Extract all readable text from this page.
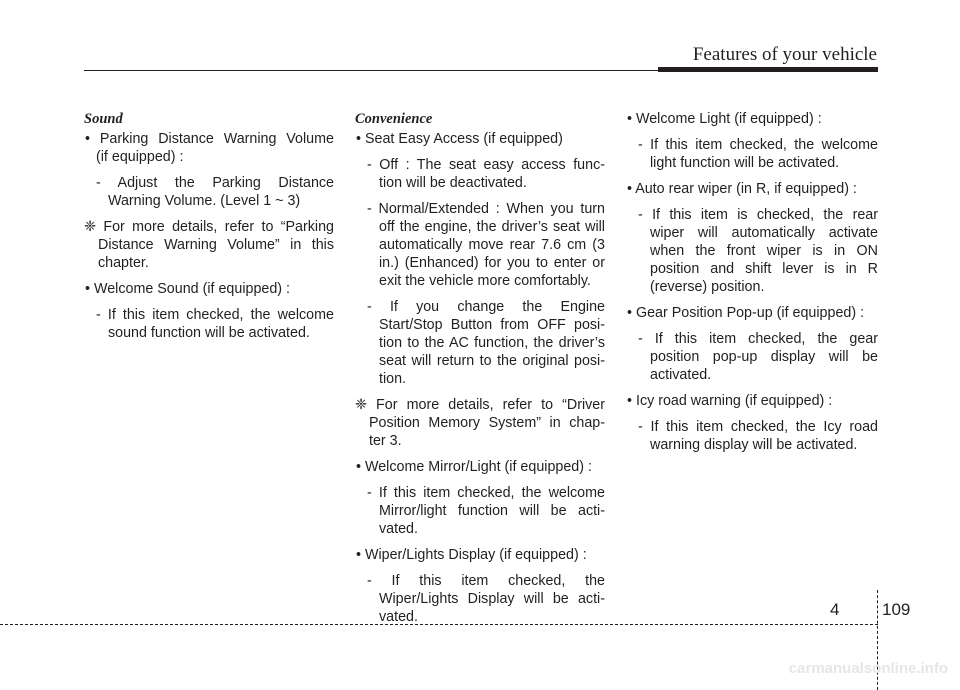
Features of your vehicle
Sound
• Parking Distance Warning Volume
(if equipped) :
- Adjust the Parking Distance
Warning Volume. (Level 1 ~ 3)
❈ For more details, refer to “Parking
Distance Warning Volume” in this
chapter.
• Welcome Sound (if equipped) :
- If this item checked, the welcome
sound function will be activated.
Convenience
• Seat Easy Access (if equipped)
- Off : The seat easy access func-
tion will be deactivated.
- Normal/Extended : When you turn
off the engine, the driver’s seat will
automatically move rear 7.6 cm (3
in.) (Enhanced) for you to enter or
exit the vehicle more comfortably.
- If you change the Engine
Start/Stop Button from OFF posi-
tion to the AC function, the driver’s
seat will return to the original posi-
tion.
❈ For more details, refer to “Driver
Position Memory System” in chap-
ter 3.
• Welcome Mirror/Light (if equipped) :
- If this item checked, the welcome
Mirror/light function will be acti-
vated.
• Wiper/Lights Display (if equipped) :
- If this item checked, the
Wiper/Lights Display will be acti-
vated.
• Welcome Light (if equipped) :
- If this item checked, the welcome
light function will be activated.
• Auto rear wiper (in R, if equipped) :
- If this item is checked, the rear
wiper will automatically activate
when the front wiper is in ON
position and shift lever is in R
(reverse) position.
• Gear Position Pop-up (if equipped) :
- If this item checked, the gear
position pop-up display will be
activated.
• Icy road warning (if equipped) :
- If this item checked, the Icy road
warning display will be activated.
4	109
carmanualsonline.info
